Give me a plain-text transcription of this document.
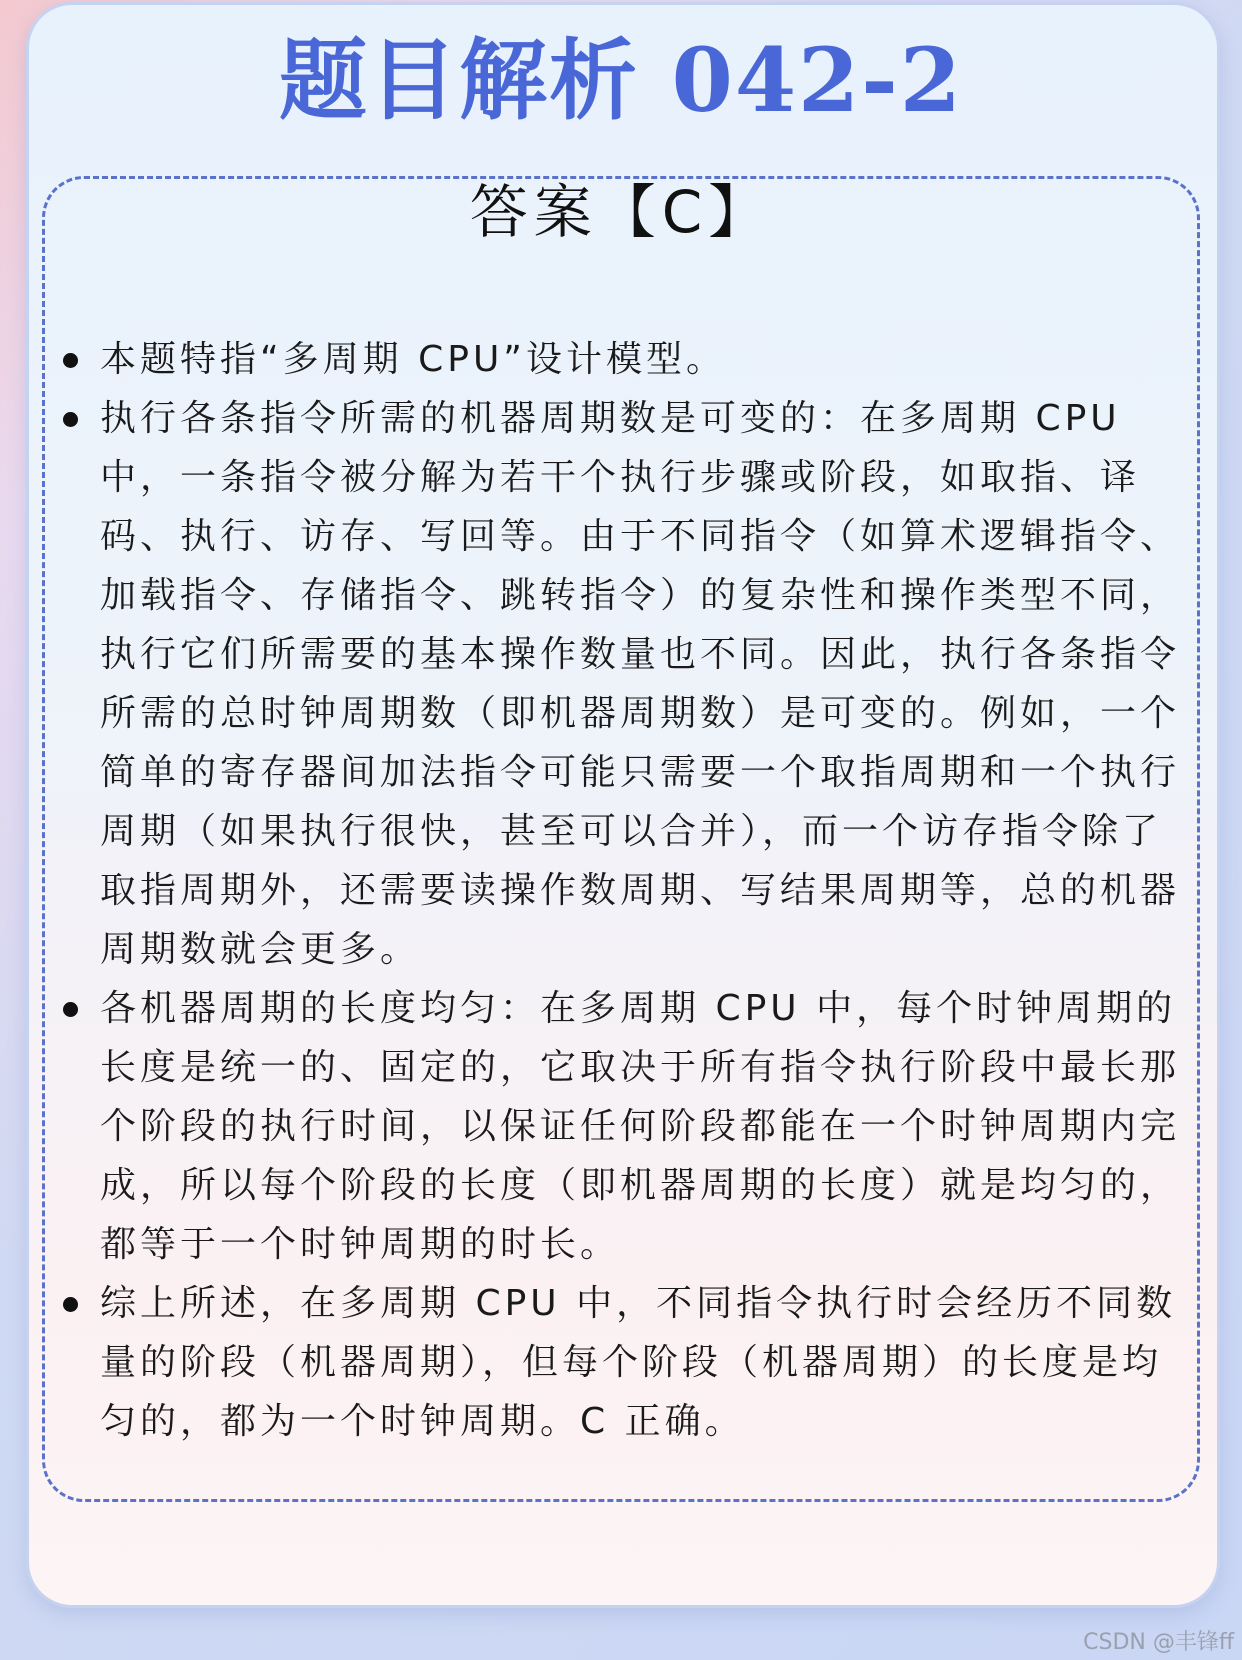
题目解析 042-2
答案【C】
本题特指“多周期 CPU”设计模型。
执行各条指令所需的机器周期数是可变的：在多周期 CPU 中，一条指令被分解为若干个执行步骤或阶段，如取指、译码、执行、访存、写回等。由于不同指令（如算术逻辑指令、加载指令、存储指令、跳转指令）的复杂性和操作类型不同，执行它们所需要的基本操作数量也不同。因此，执行各条指令所需的总时钟周期数（即机器周期数）是可变的。例如，一个简单的寄存器间加法指令可能只需要一个取指周期和一个执行周期（如果执行很快，甚至可以合并），而一个访存指令除了取指周期外，还需要读操作数周期、写结果周期等，总的机器周期数就会更多。
各机器周期的长度均匀：在多周期 CPU 中，每个时钟周期的长度是统一的、固定的，它取决于所有指令执行阶段中最长那个阶段的执行时间，以保证任何阶段都能在一个时钟周期内完成，所以每个阶段的长度（即机器周期的长度）就是均匀的，都等于一个时钟周期的时长。
综上所述，在多周期 CPU 中，不同指令执行时会经历不同数量的阶段（机器周期），但每个阶段（机器周期）的长度是均匀的，都为一个时钟周期。C 正确。
CSDN @丰锋ff
